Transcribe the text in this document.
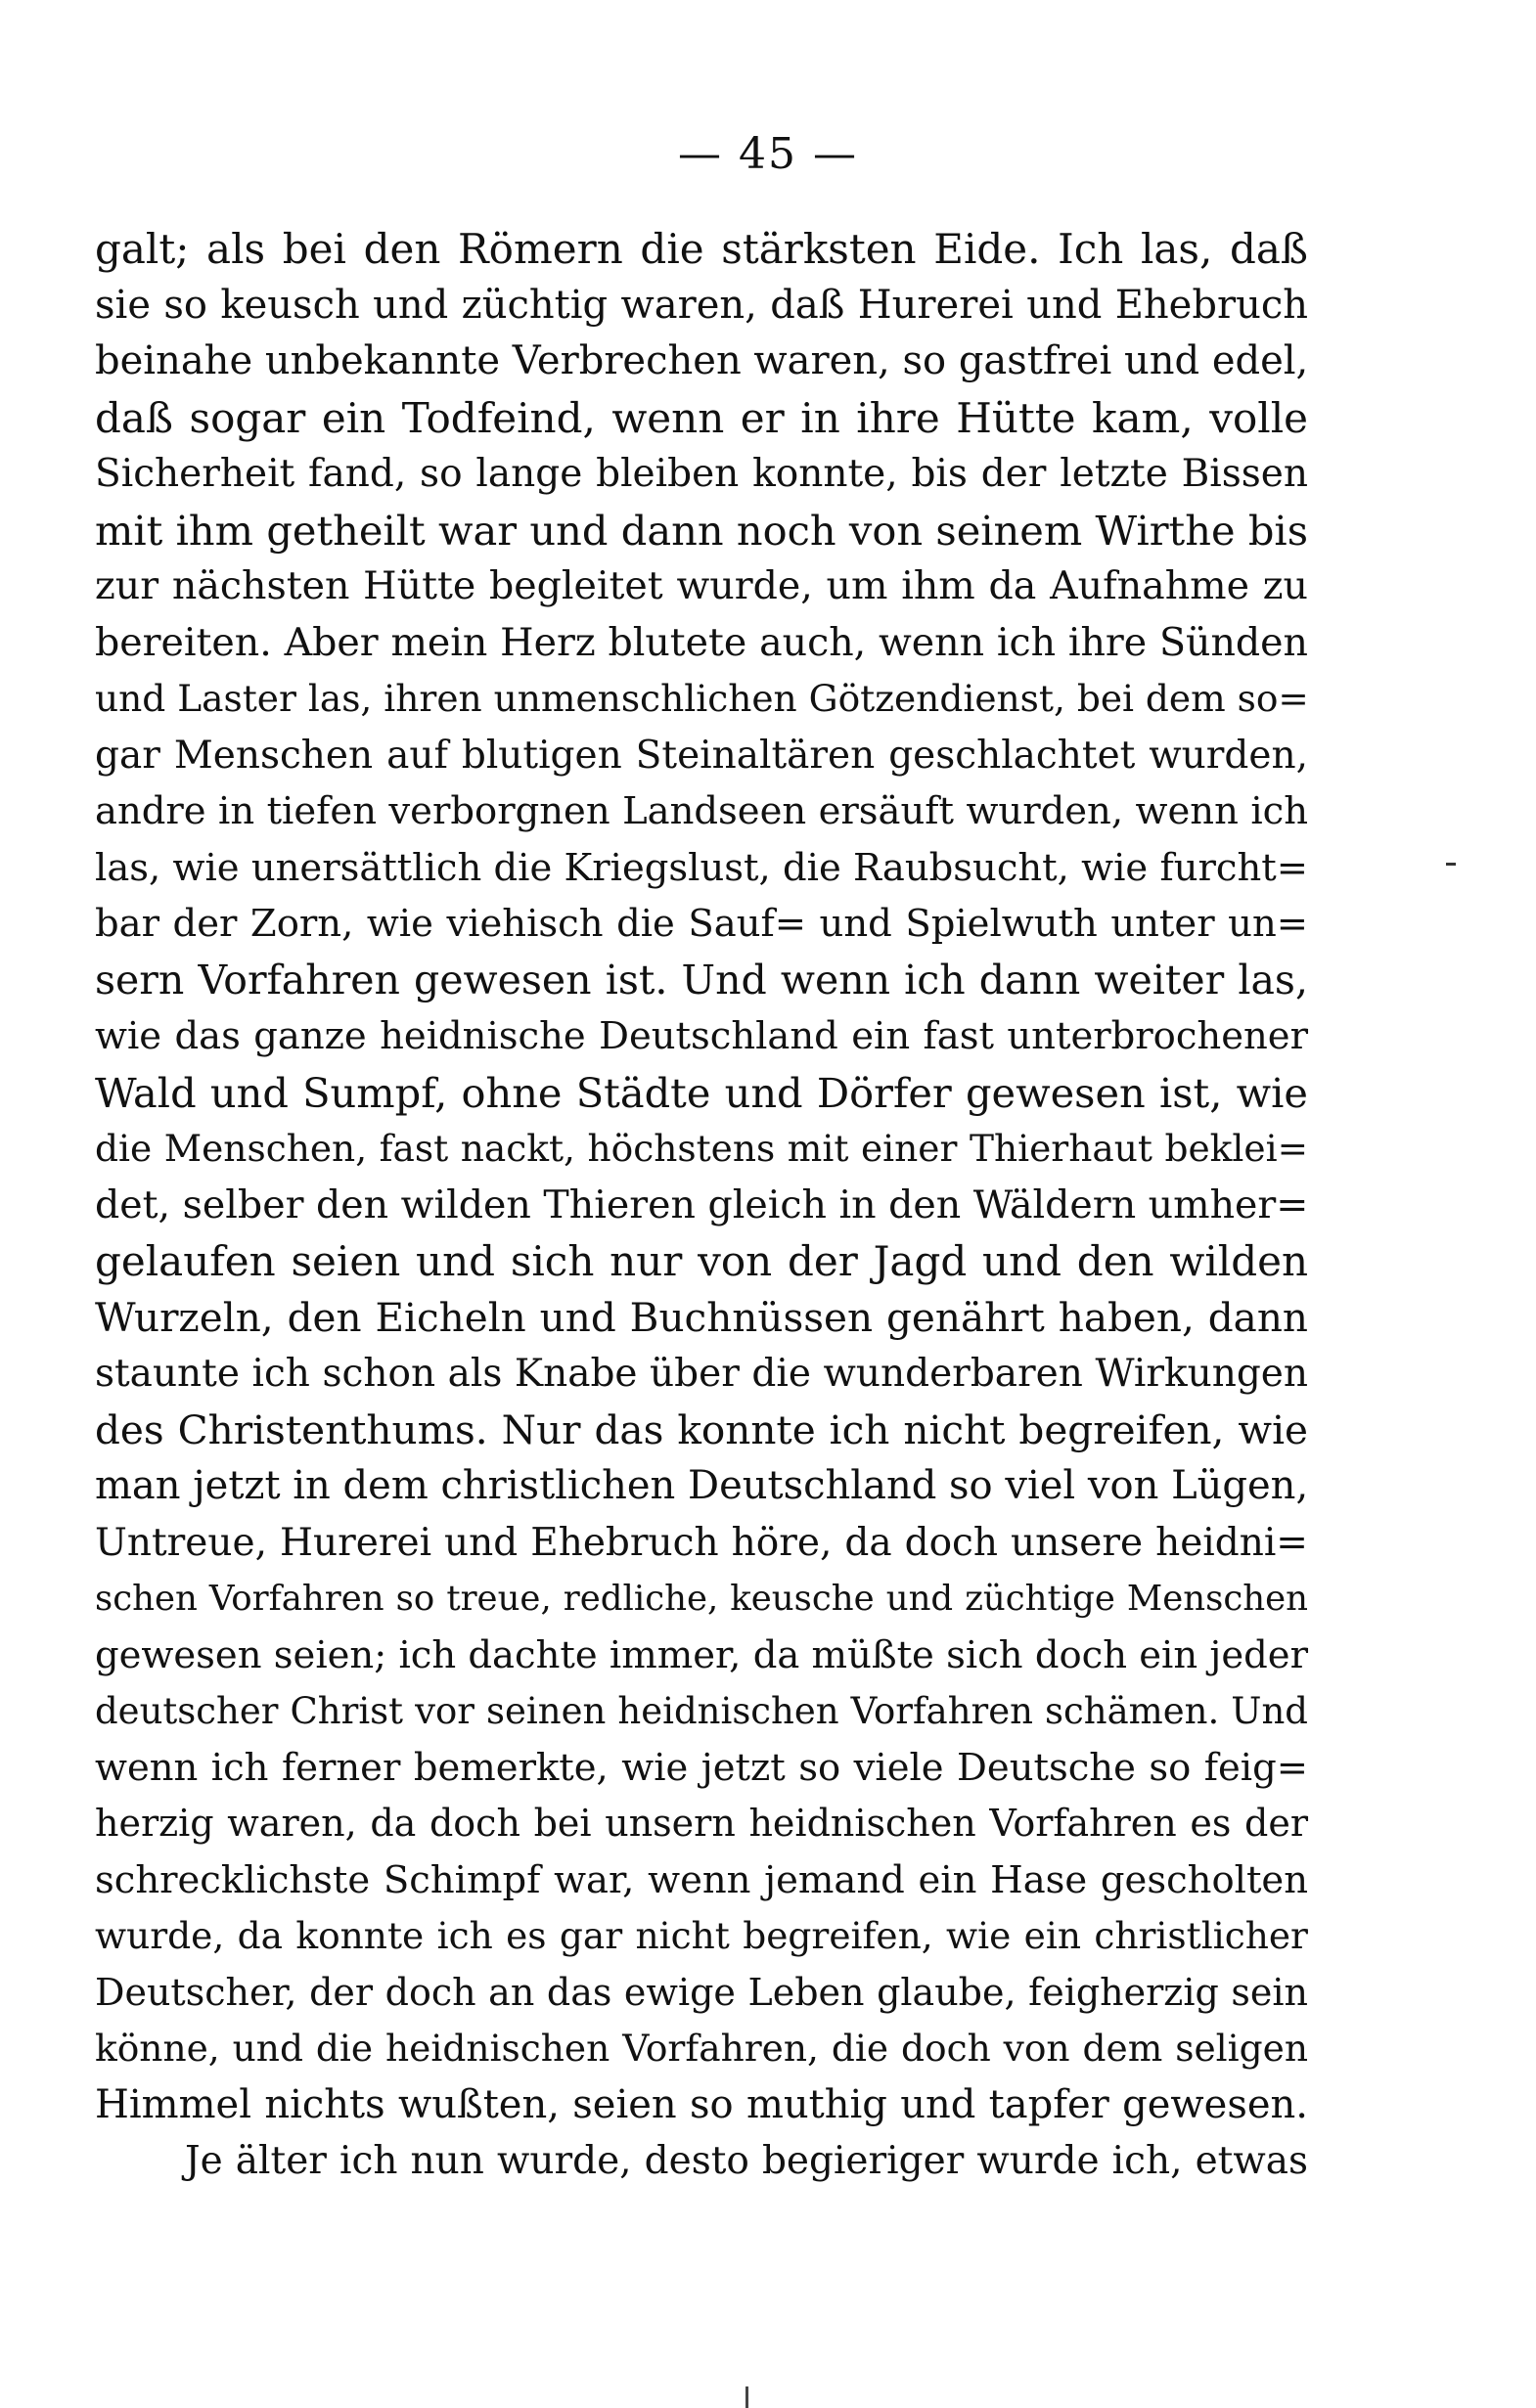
— 45 —
galt; als bei den Römern die stärksten Eide. Ich las, daß
sie so keusch und züchtig waren, daß Hurerei und Ehebruch
beinahe unbekannte Verbrechen waren, so gastfrei und edel,
daß sogar ein Todfeind, wenn er in ihre Hütte kam, volle
Sicherheit fand, so lange bleiben konnte, bis der letzte Bissen
mit ihm getheilt war und dann noch von seinem Wirthe bis
zur nächsten Hütte begleitet wurde, um ihm da Aufnahme zu
bereiten. Aber mein Herz blutete auch, wenn ich ihre Sünden
und Laster las, ihren unmenschlichen Götzendienst, bei dem so=
gar Menschen auf blutigen Steinaltären geschlachtet wurden,
andre in tiefen verborgnen Landseen ersäuft wurden, wenn ich
las, wie unersättlich die Kriegslust, die Raubsucht, wie furcht=
bar der Zorn, wie viehisch die Sauf= und Spielwuth unter un=
sern Vorfahren gewesen ist. Und wenn ich dann weiter las,
wie das ganze heidnische Deutschland ein fast unterbrochener
Wald und Sumpf, ohne Städte und Dörfer gewesen ist, wie
die Menschen, fast nackt, höchstens mit einer Thierhaut beklei=
det, selber den wilden Thieren gleich in den Wäldern umher=
gelaufen seien und sich nur von der Jagd und den wilden
Wurzeln, den Eicheln und Buchnüssen genährt haben, dann
staunte ich schon als Knabe über die wunderbaren Wirkungen
des Christenthums. Nur das konnte ich nicht begreifen, wie
man jetzt in dem christlichen Deutschland so viel von Lügen,
Untreue, Hurerei und Ehebruch höre, da doch unsere heidni=
schen Vorfahren so treue, redliche, keusche und züchtige Menschen
gewesen seien; ich dachte immer, da müßte sich doch ein jeder
deutscher Christ vor seinen heidnischen Vorfahren schämen. Und
wenn ich ferner bemerkte, wie jetzt so viele Deutsche so feig=
herzig waren, da doch bei unsern heidnischen Vorfahren es der
schrecklichste Schimpf war, wenn jemand ein Hase gescholten
wurde, da konnte ich es gar nicht begreifen, wie ein christlicher
Deutscher, der doch an das ewige Leben glaube, feigherzig sein
könne, und die heidnischen Vorfahren, die doch von dem seligen
Himmel nichts wußten, seien so muthig und tapfer gewesen.
Je älter ich nun wurde, desto begieriger wurde ich, etwas
